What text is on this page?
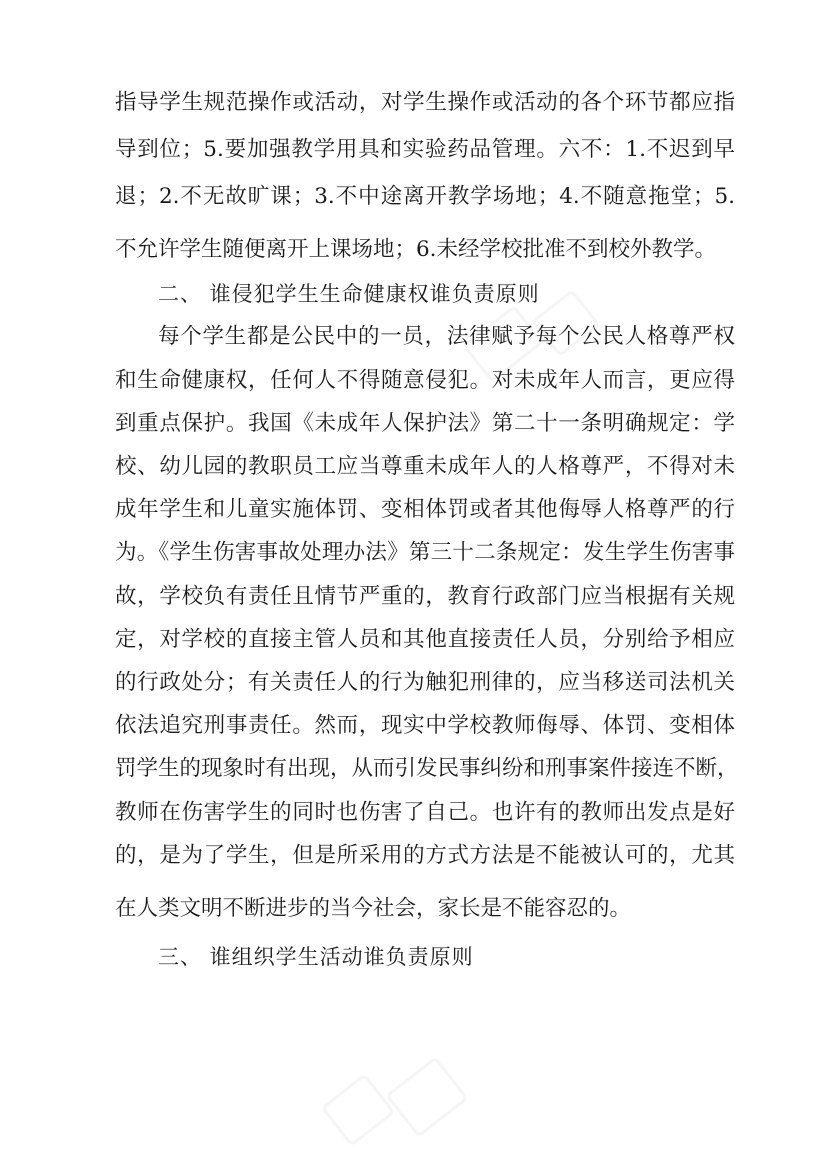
指导学生规范操作或活动，对学生操作或活动的各个环节都应指
导到位；5.要加强教学用具和实验药品管理。六不：1.不迟到早
退；2.不无故旷课；3.不中途离开教学场地；4.不随意拖堂；5.
不允许学生随便离开上课场地；6.未经学校批准不到校外教学。
二、 谁侵犯学生生命健康权谁负责原则
每个学生都是公民中的一员，法律赋予每个公民人格尊严权
和生命健康权，任何人不得随意侵犯。对未成年人而言，更应得
到重点保护。我国《未成年人保护法》第二十一条明确规定：学
校、幼儿园的教职员工应当尊重未成年人的人格尊严，不得对未
成年学生和儿童实施体罚、变相体罚或者其他侮辱人格尊严的行
为。《学生伤害事故处理办法》第三十二条规定：发生学生伤害事
故，学校负有责任且情节严重的，教育行政部门应当根据有关规
定，对学校的直接主管人员和其他直接责任人员，分别给予相应
的行政处分；有关责任人的行为触犯刑律的，应当移送司法机关
依法追究刑事责任。然而，现实中学校教师侮辱、体罚、变相体
罚学生的现象时有出现，从而引发民事纠纷和刑事案件接连不断，
教师在伤害学生的同时也伤害了自己。也许有的教师出发点是好
的，是为了学生，但是所采用的方式方法是不能被认可的，尤其
在人类文明不断进步的当今社会，家长是不能容忍的。
三、 谁组织学生活动谁负责原则
